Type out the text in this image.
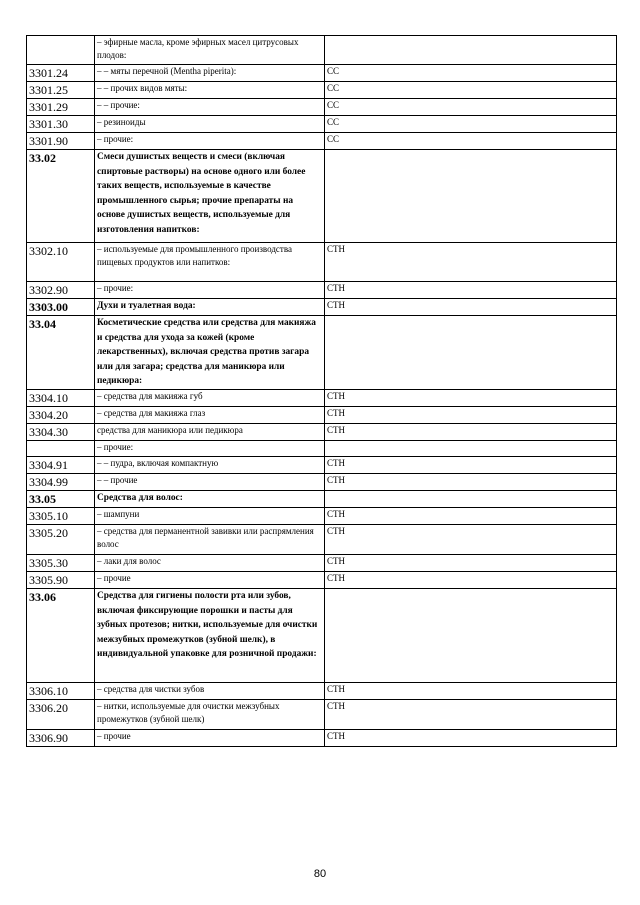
	– эфирные масла, кроме эфирных масел цитрусовых плодов:	
3301.24	– – мяты перечной (Mentha piperita):	СС
3301.25	– – прочих видов мяты:	СС
3301.29	– – прочие:	СС
3301.30	– резиноиды	СС
3301.90	– прочие:	СС
33.02	Смеси душистых веществ и смеси (включая спиртовые растворы) на основе одного или более таких веществ, используемые в качестве промышленного сырья; прочие препараты на основе душистых веществ, используемые для изготовления напитков:	
3302.10	– используемые для промышленного производства пищевых продуктов или напитков:	СТН
3302.90	– прочие:	СТН
3303.00	Духи и туалетная вода:	СТН
33.04	Косметические средства или средства для макияжа и средства для ухода за кожей (кроме лекарственных), включая средства против загара или для загара; средства для маникюра или педикюра:	
3304.10	– средства для макияжа губ	СТН
3304.20	– средства для макияжа глаз	СТН
3304.30	средства для маникюра или педикюра	СТН
	– прочие:	
3304.91	– – пудра, включая компактную	СТН
3304.99	– – прочие	СТН
33.05	Средства для волос:	
3305.10	– шампуни	СТН
3305.20	– средства для перманентной завивки или распрямления волос	СТН
3305.30	– лаки для волос	СТН
3305.90	– прочие	СТН
33.06	Средства для гигиены полости рта или зубов, включая фиксирующие порошки и пасты для зубных протезов; нитки, используемые для очистки межзубных промежутков (зубной шелк), в индивидуальной упаковке для розничной продажи:	
3306.10	– средства для чистки зубов	СТН
3306.20	– нитки, используемые для очистки межзубных промежутков (зубной шелк)	СТН
3306.90	– прочие	СТН
80
